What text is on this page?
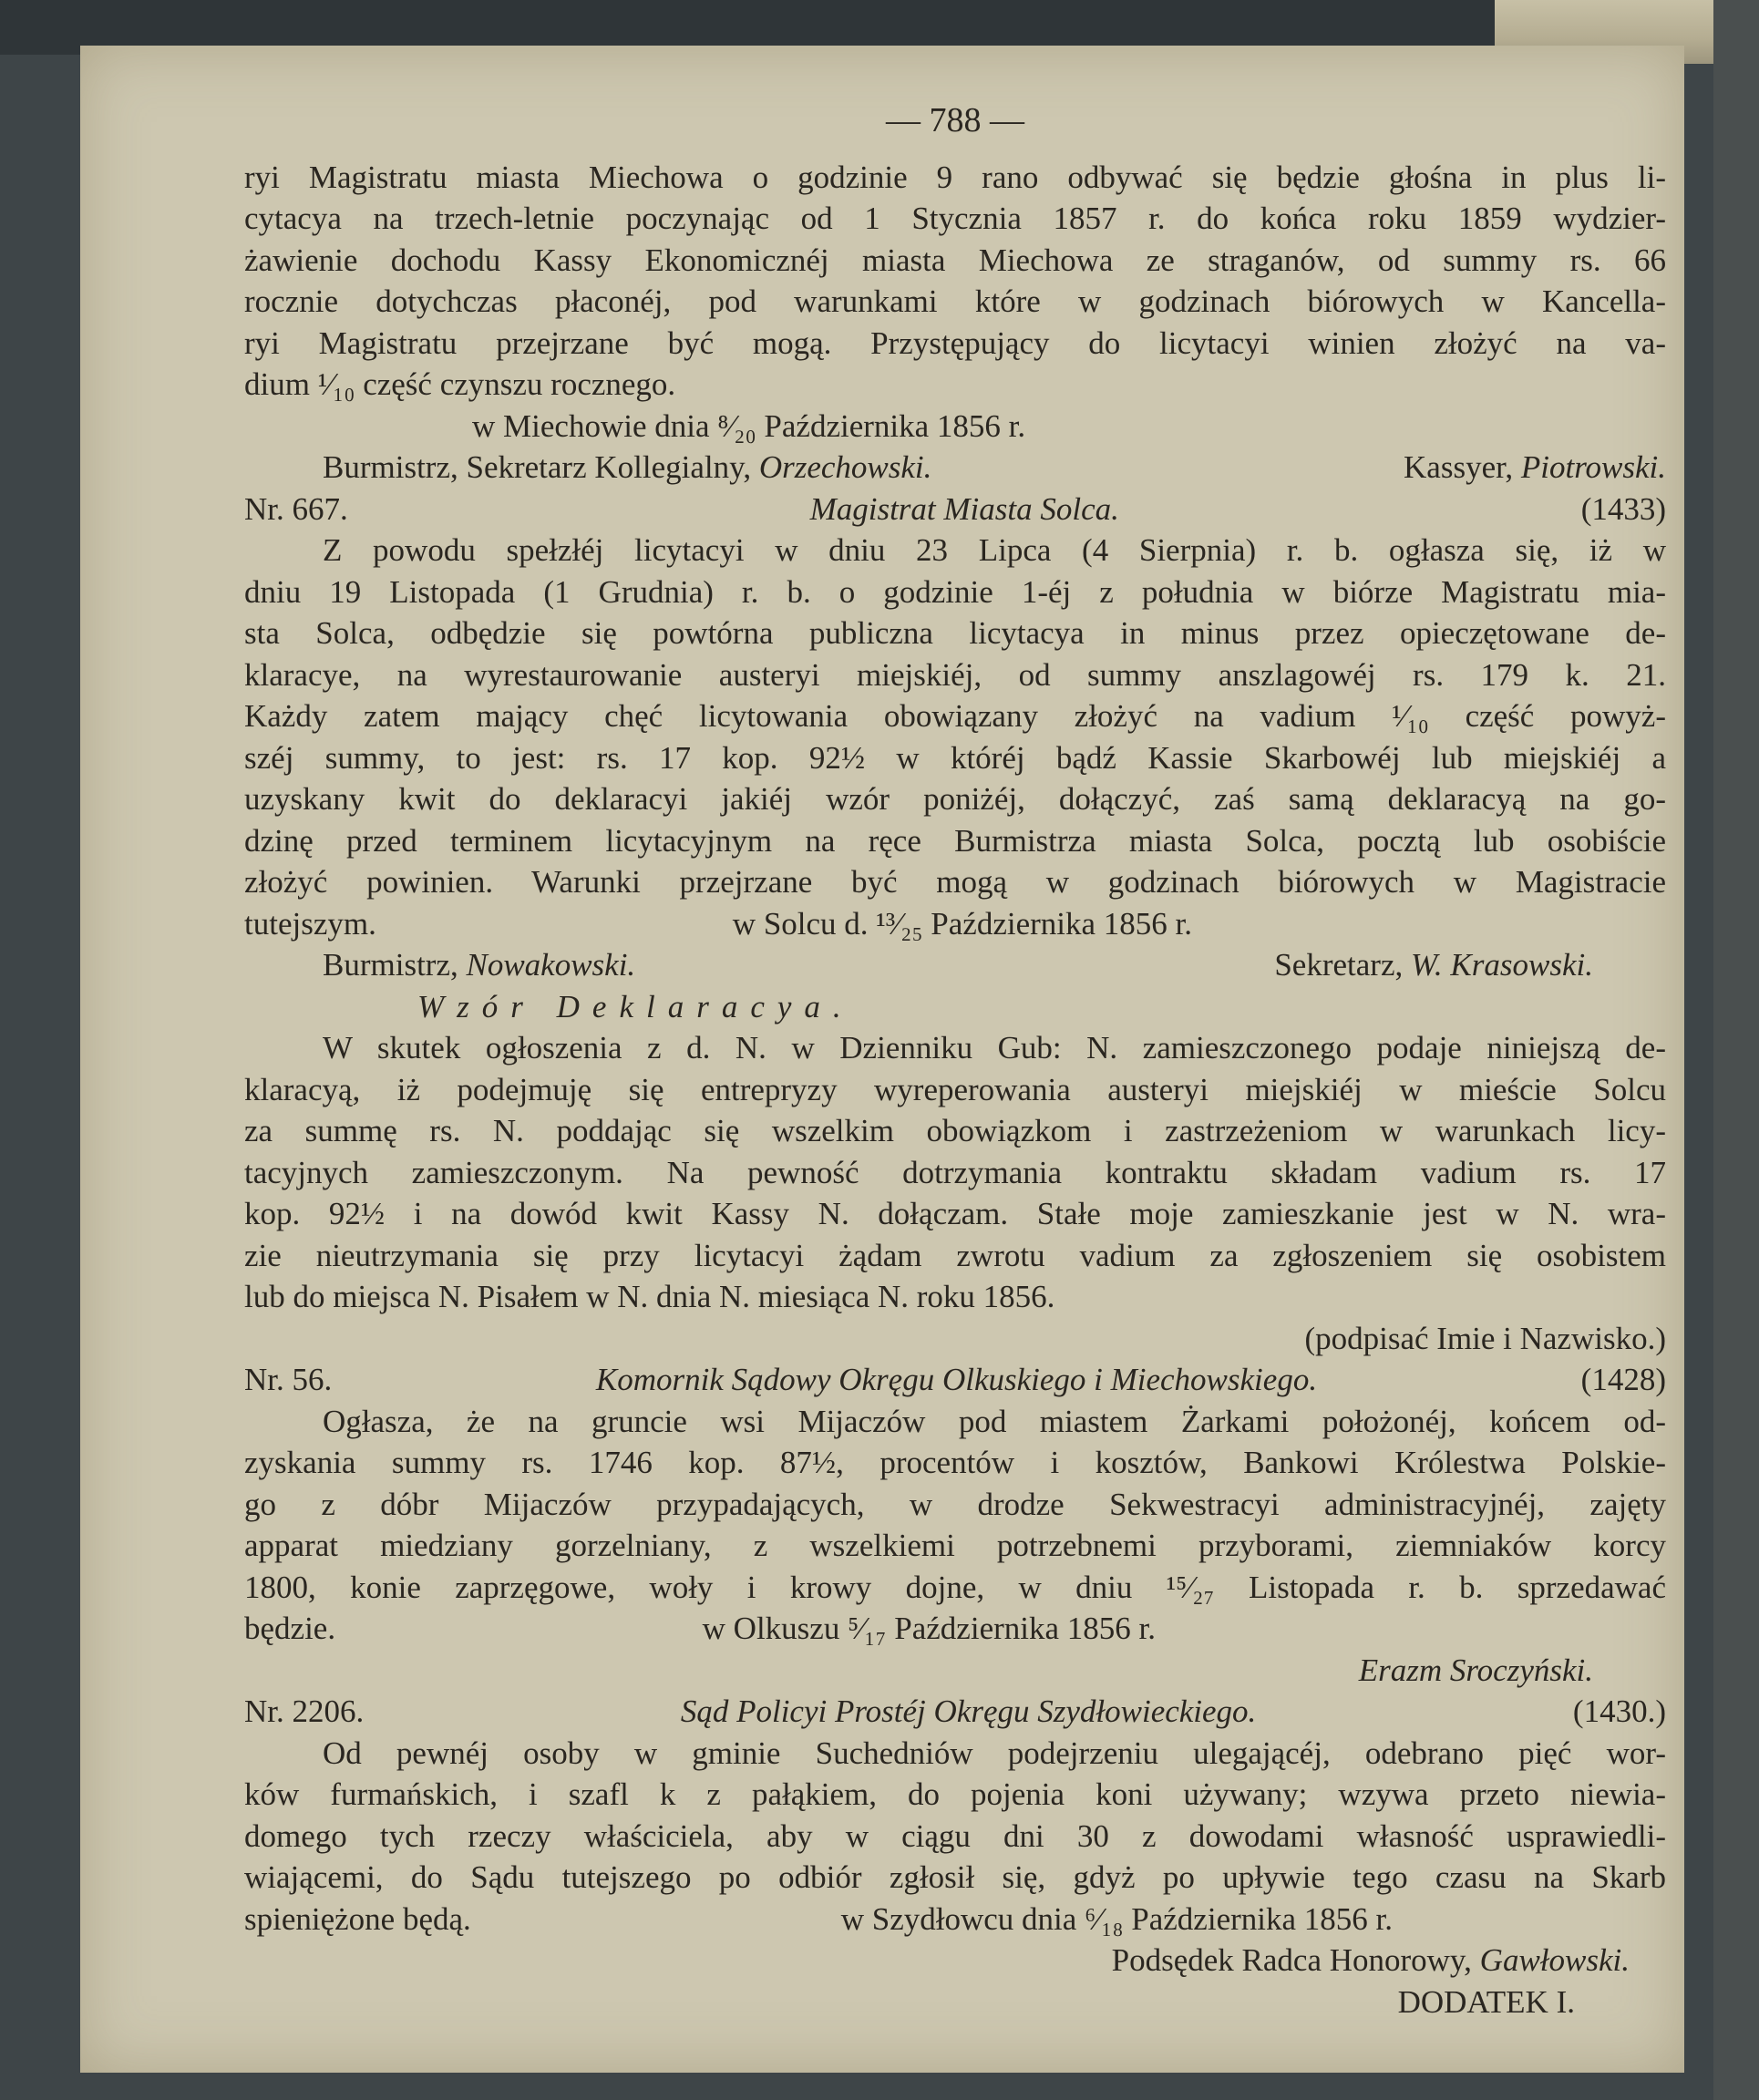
— 788 —
ryi Magistratu miasta Miechowa o godzinie 9 rano odbywać się będzie głośna in plus li-
cytacya na trzech-letnie poczynając od 1 Stycznia 1857 r. do końca roku 1859 wydzier-
żawienie dochodu Kassy Ekonomicznéj miasta Miechowa ze straganów, od summy rs. 66
rocznie dotychczas płaconéj, pod warunkami które w godzinach biórowych w Kancella-
ryi Magistratu przejrzane być mogą. Przystępujący do licytacyi winien złożyć na va-
dium ¹⁄₁₀ część czynszu rocznego.
w Miechowie dnia ⁸⁄₂₀ Października 1856 r.
Burmistrz, Sekretarz Kollegialny, Orzechowski.	Kassyer, Piotrowski.
Nr. 667.	Magistrat Miasta Solca.	(1433)
Z powodu spełzłéj licytacyi w dniu 23 Lipca (4 Sierpnia) r. b. ogłasza się, iż w
dniu 19 Listopada (1 Grudnia) r. b. o godzinie 1-éj z południa w biórze Magistratu mia-
sta Solca, odbędzie się powtórna publiczna licytacya in minus przez opieczętowane de-
klaracye, na wyrestaurowanie austeryi miejskiéj, od summy anszlagowéj rs. 179 k. 21.
Każdy zatem mający chęć licytowania obowiązany złożyć na vadium ¹⁄₁₀ część powyż-
széj summy, to jest: rs. 17 kop. 92½ w któréj bądź Kassie Skarbowéj lub miejskiéj a
uzyskany kwit do deklaracyi jakiéj wzór poniżéj, dołączyć, zaś samą deklaracyą na go-
dzinę przed terminem licytacyjnym na ręce Burmistrza miasta Solca, pocztą lub osobiście
złożyć powinien. Warunki przejrzane być mogą w godzinach biórowych w Magistracie
tutejszym.	w Solcu d. ¹³⁄₂₅ Października 1856 r.
Burmistrz, Nowakowski.	Sekretarz, W. Krasowski.
Wzór Deklaracya.
W skutek ogłoszenia z d. N. w Dzienniku Gub: N. zamieszczonego podaje niniejszą de-
klaracyą, iż podejmuję się entrepryzy wyreperowania austeryi miejskiéj w mieście Solcu
za summę rs. N. poddając się wszelkim obowiązkom i zastrzeżeniom w warunkach licy-
tacyjnych zamieszczonym. Na pewność dotrzymania kontraktu składam vadium rs. 17
kop. 92½ i na dowód kwit Kassy N. dołączam. Stałe moje zamieszkanie jest w N. wra-
zie nieutrzymania się przy licytacyi żądam zwrotu vadium za zgłoszeniem się osobistem
lub do miejsca N. Pisałem w N. dnia N. miesiąca N. roku 1856.
(podpisać Imie i Nazwisko.)
Nr. 56.	Komornik Sądowy Okręgu Olkuskiego i Miechowskiego.	(1428)
Ogłasza, że na gruncie wsi Mijaczów pod miastem Żarkami położonéj, końcem od-
zyskania summy rs. 1746 kop. 87½, procentów i kosztów, Bankowi Królestwa Polskie-
go z dóbr Mijaczów przypadających, w drodze Sekwestracyi administracyjnéj, zajęty
apparat miedziany gorzelniany, z wszelkiemi potrzebnemi przyborami, ziemniaków korcy
1800, konie zaprzęgowe, woły i krowy dojne, w dniu ¹⁵⁄₂₇ Listopada r. b. sprzedawać
będzie.	w Olkuszu ⁵⁄₁₇ Października 1856 r.
Erazm Sroczyński.
Nr. 2206.	Sąd Policyi Prostéj Okręgu Szydłowieckiego.	(1430.)
Od pewnéj osoby w gminie Suchedniów podejrzeniu ulegającéj, odebrano pięć wor-
ków furmańskich, i szafl k z pałąkiem, do pojenia koni używany; wzywa przeto niewia-
domego tych rzeczy właściciela, aby w ciągu dni 30 z dowodami własność usprawiedli-
wiającemi, do Sądu tutejszego po odbiór zgłosił się, gdyż po upływie tego czasu na Skarb
spieniężone będą.	w Szydłowcu dnia ⁶⁄₁₈ Października 1856 r.
Podsędek Radca Honorowy, Gawłowski.
DODATEK I.
